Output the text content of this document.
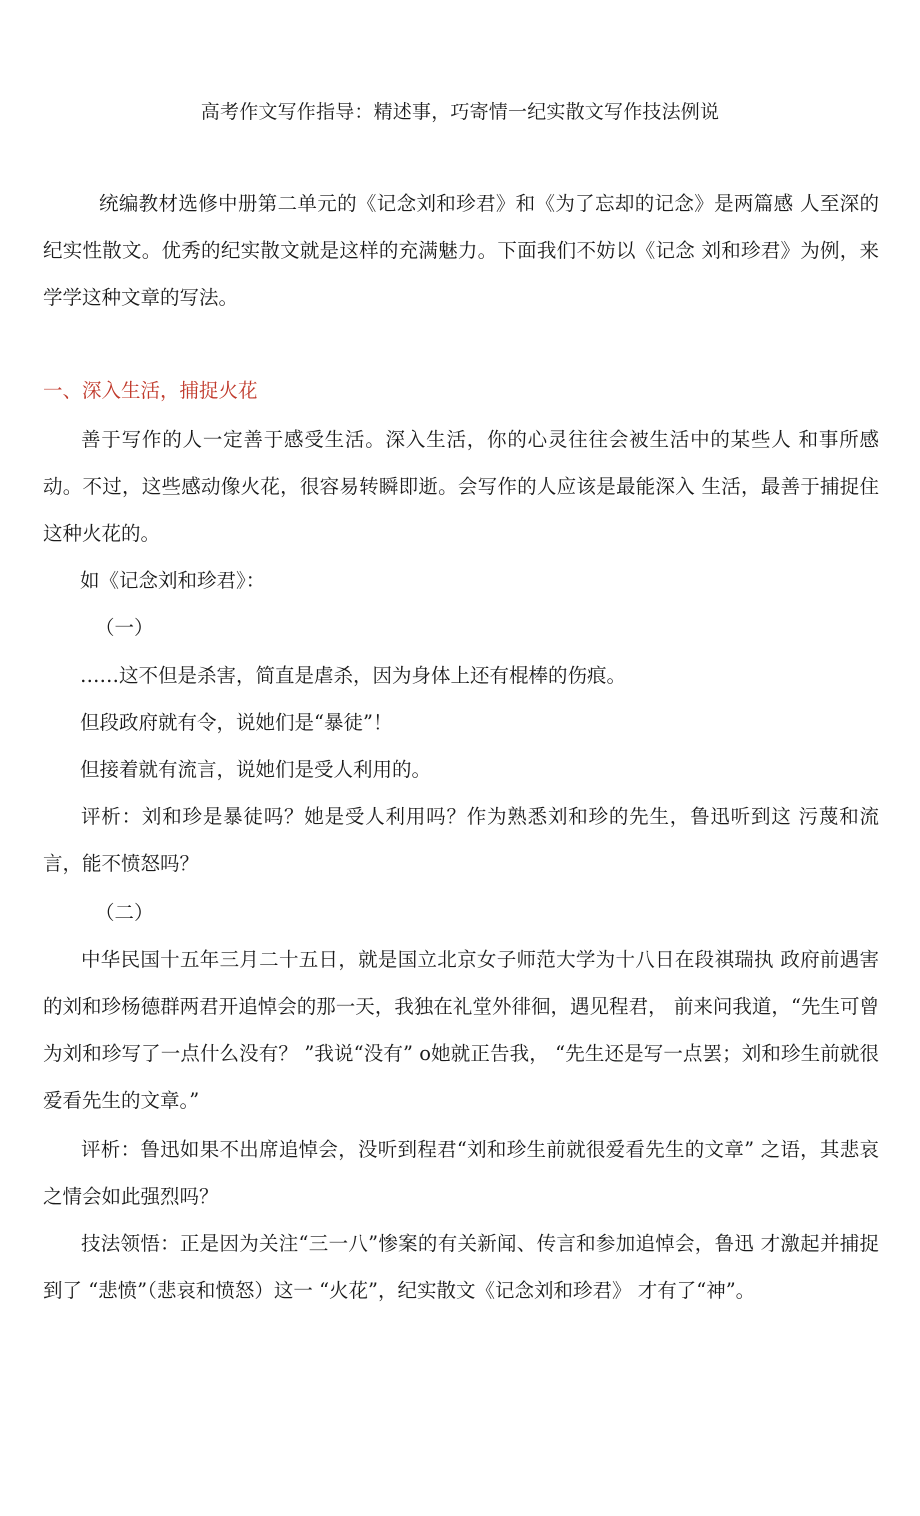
高考作文写作指导：精述事，巧寄情一纪实散文写作技法例说

统编教材选修中册第二单元的《记念刘和珍君》和《为了忘却的记念》是两篇感 人至深的纪实性散文。优秀的纪实散文就是这样的充满魅力。下面我们不妨以《记念 刘和珍君》为例，来学学这种文章的写法。

一、深入生活，捕捉火花

善于写作的人一定善于感受生活。深入生活，你的心灵往往会被生活中的某些人 和事所感动。不过，这些感动像火花，很容易转瞬即逝。会写作的人应该是最能深入 生活，最善于捕捉住这种火花的。

如《记念刘和珍君》：
（一）
……这不但是杀害，简直是虐杀，因为身体上还有棍棒的伤痕。
但段政府就有令，说她们是“暴徒”！
但接着就有流言，说她们是受人利用的。

评析：刘和珍是暴徒吗？她是受人利用吗？作为熟悉刘和珍的先生，鲁迅听到这 污蔑和流言，能不愤怒吗？

（二）

中华民国十五年三月二十五日，就是国立北京女子师范大学为十八日在段祺瑞执 政府前遇害的刘和珍杨德群两君开追悼会的那一天，我独在礼堂外徘徊，遇见程君， 前来问我道，“先生可曾为刘和珍写了一点什么没有？ ”我说“没有” o她就正告我， “先生还是写一点罢；刘和珍生前就很爱看先生的文章。”

评析：鲁迅如果不出席追悼会，没听到程君“刘和珍生前就很爱看先生的文章” 之语，其悲哀之情会如此强烈吗？

技法领悟：正是因为关注“三一八”惨案的有关新闻、传言和参加追悼会，鲁迅 才激起并捕捉到了 “悲愤”（悲哀和愤怒）这一 “火花”，纪实散文《记念刘和珍君》 才有了“神”。
